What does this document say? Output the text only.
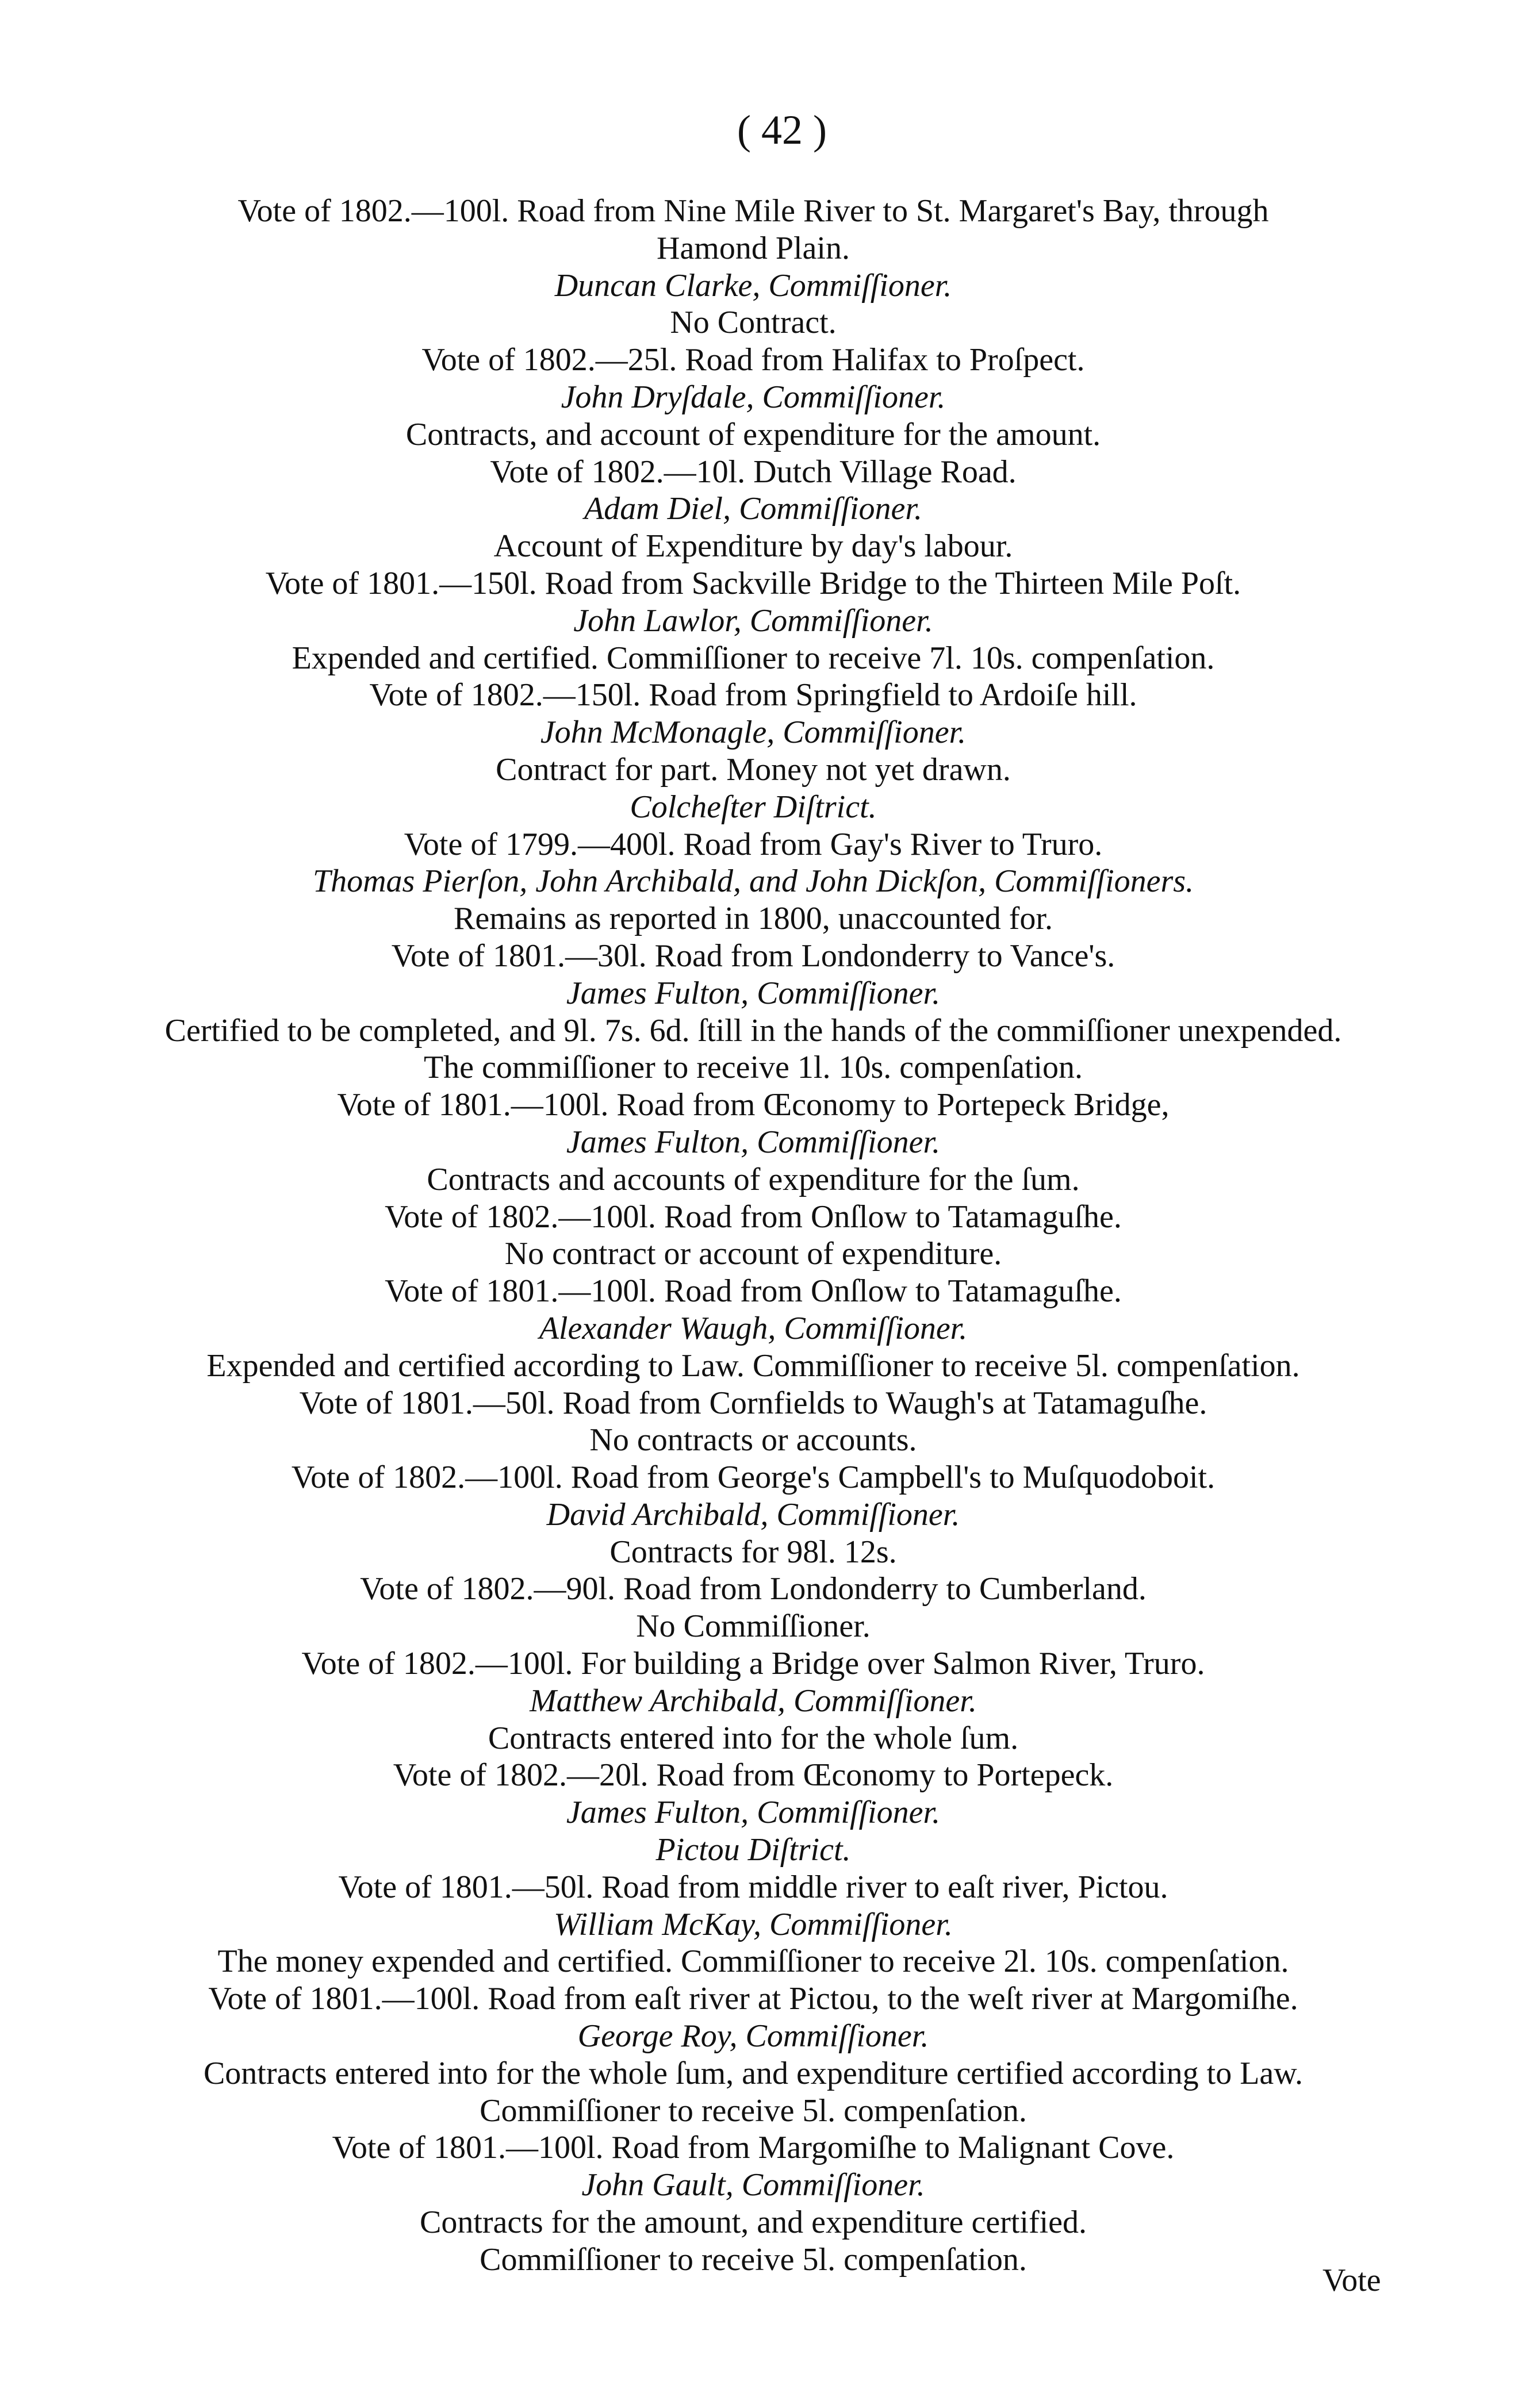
( 42 )
Vote of 1802.—100l. Road from Nine Mile River to St. Margaret's Bay, through
Hamond Plain.
Duncan Clarke, Commiſſioner.
No Contract.
Vote of 1802.—25l. Road from Halifax to Proſpect.
John Dryſdale, Commiſſioner.
Contracts, and account of expenditure for the amount.
Vote of 1802.—10l. Dutch Village Road.
Adam Diel, Commiſſioner.
Account of Expenditure by day's labour.
Vote of 1801.—150l. Road from Sackville Bridge to the Thirteen Mile Poſt.
John Lawlor, Commiſſioner.
Expended and certified. Commiſſioner to receive 7l. 10s. compenſation.
Vote of 1802.—150l. Road from Springfield to Ardoiſe hill.
John McMonagle, Commiſſioner.
Contract for part. Money not yet drawn.
Colcheſter Diſtrict.
Vote of 1799.—400l. Road from Gay's River to Truro.
Thomas Pierſon, John Archibald, and John Dickſon, Commiſſioners.
Remains as reported in 1800, unaccounted for.
Vote of 1801.—30l. Road from Londonderry to Vance's.
James Fulton, Commiſſioner.
Certified to be completed, and 9l. 7s. 6d. ſtill in the hands of the commiſſioner unexpended.
The commiſſioner to receive 1l. 10s. compenſation.
Vote of 1801.—100l. Road from Œconomy to Portepeck Bridge,
James Fulton, Commiſſioner.
Contracts and accounts of expenditure for the ſum.
Vote of 1802.—100l. Road from Onſlow to Tatamaguſhe.
No contract or account of expenditure.
Vote of 1801.—100l. Road from Onſlow to Tatamaguſhe.
Alexander Waugh, Commiſſioner.
Expended and certified according to Law. Commiſſioner to receive 5l. compenſation.
Vote of 1801.—50l. Road from Cornfields to Waugh's at Tatamaguſhe.
No contracts or accounts.
Vote of 1802.—100l. Road from George's Campbell's to Muſquodoboit.
David Archibald, Commiſſioner.
Contracts for 98l. 12s.
Vote of 1802.—90l. Road from Londonderry to Cumberland.
No Commiſſioner.
Vote of 1802.—100l. For building a Bridge over Salmon River, Truro.
Matthew Archibald, Commiſſioner.
Contracts entered into for the whole ſum.
Vote of 1802.—20l. Road from Œconomy to Portepeck.
James Fulton, Commiſſioner.
Pictou Diſtrict.
Vote of 1801.—50l. Road from middle river to eaſt river, Pictou.
William McKay, Commiſſioner.
The money expended and certified. Commiſſioner to receive 2l. 10s. compenſation.
Vote of 1801.—100l. Road from eaſt river at Pictou, to the weſt river at Margomiſhe.
George Roy, Commiſſioner.
Contracts entered into for the whole ſum, and expenditure certified according to Law.
Commiſſioner to receive 5l. compenſation.
Vote of 1801.—100l. Road from Margomiſhe to Malignant Cove.
John Gault, Commiſſioner.
Contracts for the amount, and expenditure certified.
Commiſſioner to receive 5l. compenſation.
Vote
